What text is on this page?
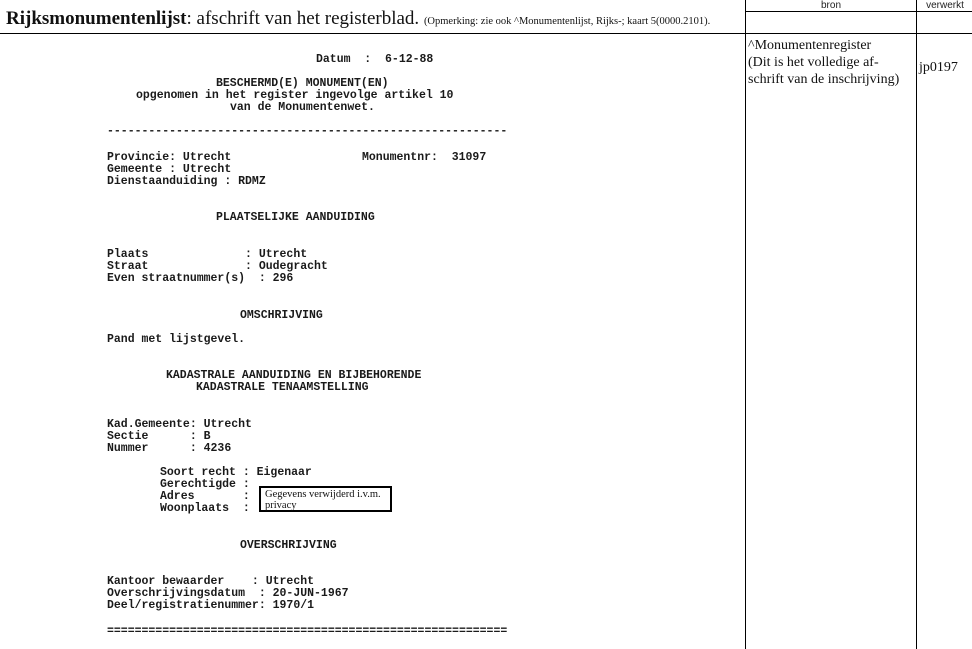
Rijksmonumentenlijst: afschrift van het registerblad. (Opmerking: zie ook ^Monumentenlijst, Rijks-; kaart 5(0000.2101).
bron	verwerkt
^Monumentenregister
(Dit is het volledige af-
schrift van de inschrijving)
jp0197
Datum  :  6-12-88
BESCHERMD(E) MONUMENT(EN)
opgenomen in het register ingevolge artikel 10
van de Monumentenwet.
----------------------------------------------------------
Provincie: Utrecht	Monumentnr:  31097
Gemeente : Utrecht
Dienstaanduiding : RDMZ
PLAATSELIJKE AANDUIDING
Plaats              : Utrecht
Straat              : Oudegracht
Even straatnummer(s)  : 296
OMSCHRIJVING
Pand met lijstgevel.
KADASTRALE AANDUIDING EN BIJBEHORENDE
KADASTRALE TENAAMSTELLING
Kad.Gemeente: Utrecht
Sectie      : B
Nummer      : 4236
Soort recht : Eigenaar
Gerechtigde :
Adres       :
Woonplaats  :
OVERSCHRIJVING
Kantoor bewaarder    : Utrecht
Overschrijvingsdatum  : 20-JUN-1967
Deel/registratienummer: 1970/1
==========================================================
Gegevens verwijderd i.v.m. privacy
